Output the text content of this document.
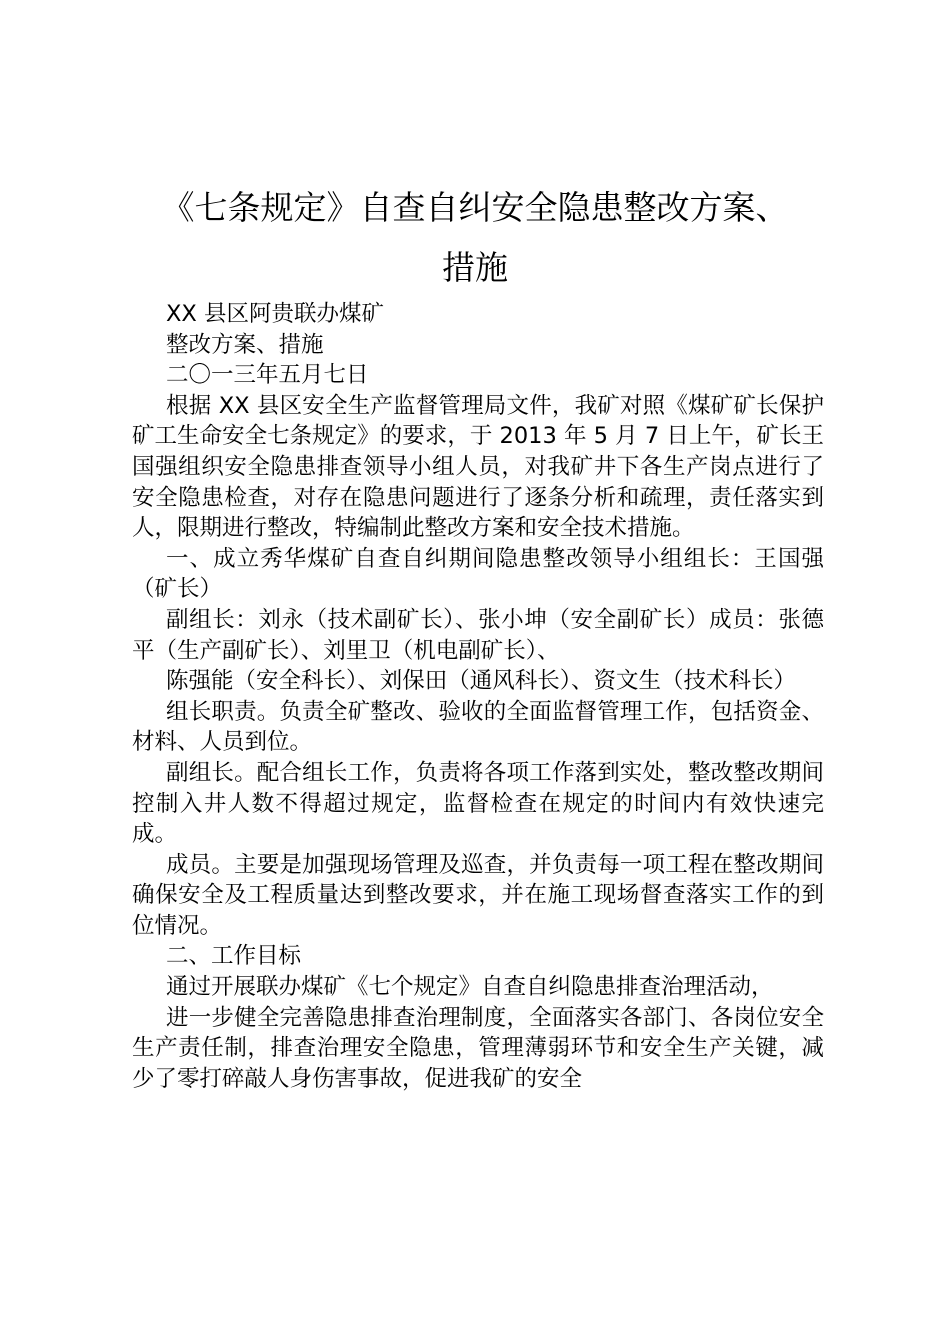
《七条规定》自查自纠安全隐患整改方案、
措施

XX 县区阿贵联办煤矿

整改方案、措施

二〇一三年五月七日

根据 XX 县区安全生产监督管理局文件，我矿对照《煤矿矿长保护矿工生命安全七条规定》的要求，于 2013 年 5 月 7 日上午，矿长王国强组织安全隐患排查领导小组人员，对我矿井下各生产岗点进行了安全隐患检查，对存在隐患问题进行了逐条分析和疏理，责任落实到人，限期进行整改，特编制此整改方案和安全技术措施。

一、成立秀华煤矿自查自纠期间隐患整改领导小组组长：王国强（矿长）

副组长：刘永（技术副矿长）、张小坤（安全副矿长）成员：张德平（生产副矿长）、刘里卫（机电副矿长）、

陈强能（安全科长）、刘保田（通风科长）、资文生（技术科长）

组长职责。负责全矿整改、验收的全面监督管理工作，包括资金、材料、人员到位。

副组长。配合组长工作，负责将各项工作落到实处，整改整改期间控制入井人数不得超过规定，监督检查在规定的时间内有效快速完成。

成员。主要是加强现场管理及巡查，并负责每一项工程在整改期间确保安全及工程质量达到整改要求，并在施工现场督查落实工作的到位情况。

二、工作目标

通过开展联办煤矿《七个规定》自查自纠隐患排查治理活动，

进一步健全完善隐患排查治理制度，全面落实各部门、各岗位安全生产责任制，排查治理安全隐患，管理薄弱环节和安全生产关键，减少了零打碎敲人身伤害事故，促进我矿的安全
